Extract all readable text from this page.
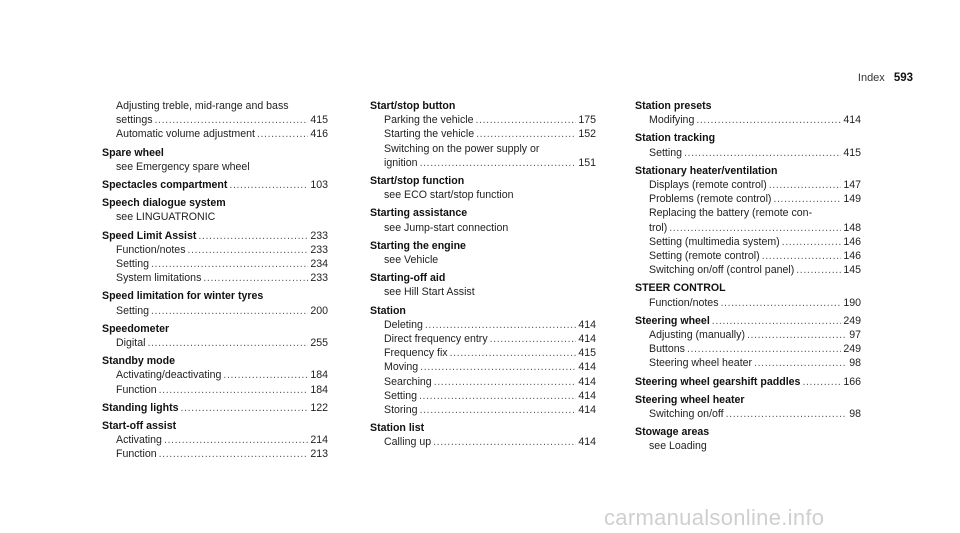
Index 593
Adjusting treble, mid-range and bass
settings .....	415
Automatic volume adjustment .....	416
Spare wheel
see Emergency spare wheel
Spectacles compartment .....	103
Speech dialogue system
see LINGUATRONIC
Speed Limit Assist .....	233
Function/notes .....	233
Setting .....	234
System limitations .....	233
Speed limitation for winter tyres
Setting .....	200
Speedometer
Digital .....	255
Standby mode
Activating/deactivating .....	184
Function .....	184
Standing lights .....	122
Start-off assist
Activating .....	214
Function .....	213
Start/stop button
Parking the vehicle .....	175
Starting the vehicle .....	152
Switching on the power supply or
ignition .....	151
Start/stop function
see ECO start/stop function
Starting assistance
see Jump-start connection
Starting the engine
see Vehicle
Starting-off aid
see Hill Start Assist
Station
Deleting .....	414
Direct frequency entry .....	414
Frequency fix .....	415
Moving .....	414
Searching .....	414
Setting .....	414
Storing .....	414
Station list
Calling up .....	414
Station presets
Modifying .....	414
Station tracking
Setting .....	415
Stationary heater/ventilation
Displays (remote control) .....	147
Problems (remote control) .....	149
Replacing the battery (remote con-
trol) .....	148
Setting (multimedia system) .....	146
Setting (remote control) .....	146
Switching on/off (control panel) .....	145
STEER CONTROL
Function/notes .....	190
Steering wheel .....	249
Adjusting (manually) .....	97
Buttons .....	249
Steering wheel heater .....	98
Steering wheel gearshift paddles .....	166
Steering wheel heater
Switching on/off .....	98
Stowage areas
see Loading
carmanualsonline.info
